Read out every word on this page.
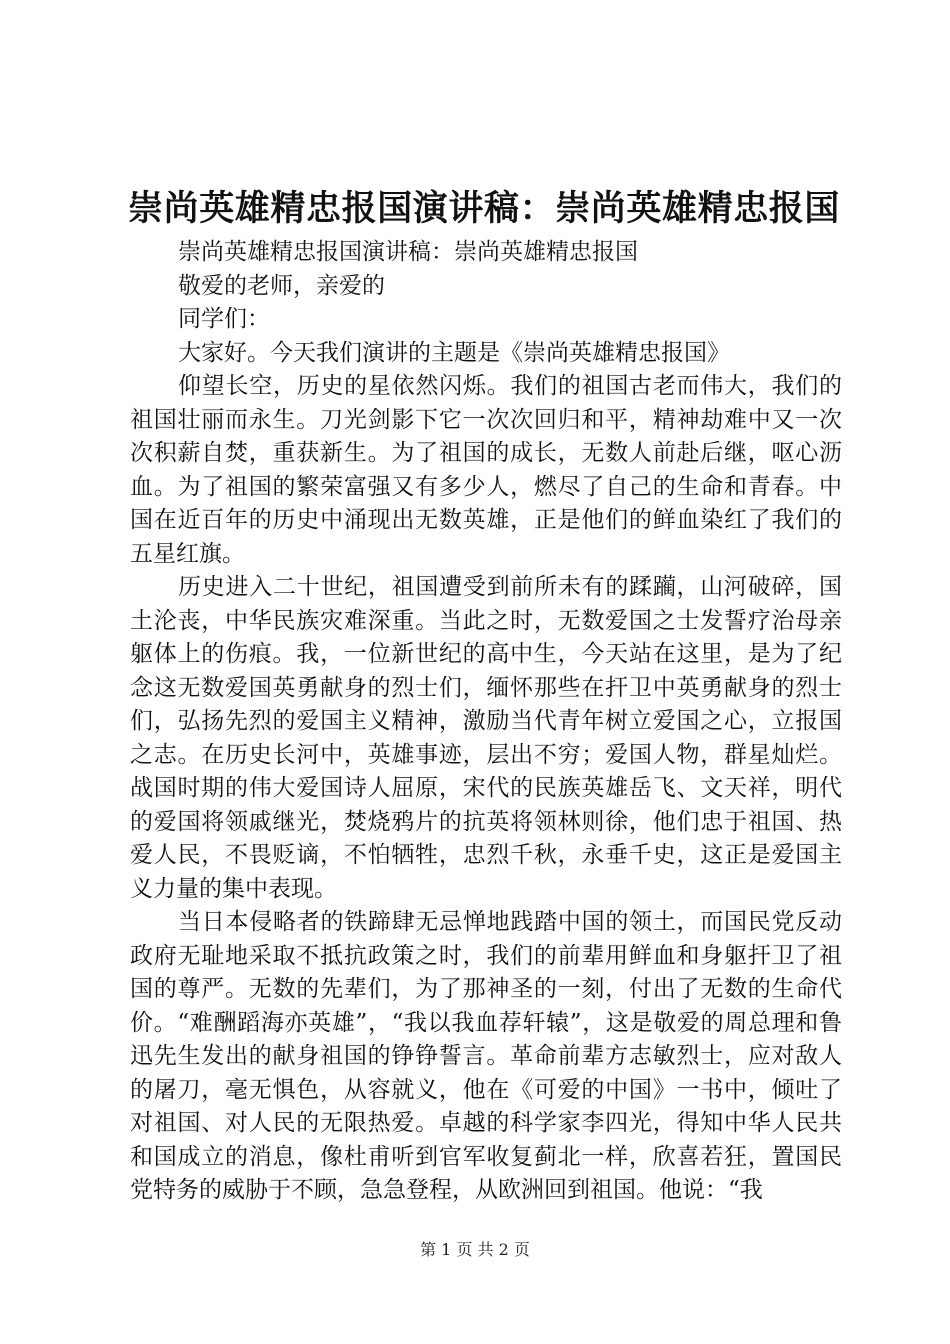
崇尚英雄精忠报国演讲稿：崇尚英雄精忠报国

崇尚英雄精忠报国演讲稿：崇尚英雄精忠报国

敬爱的老师，亲爱的

同学们：

大家好。今天我们演讲的主题是《崇尚英雄精忠报国》

仰望长空，历史的星依然闪烁。我们的祖国古老而伟大，我们的祖国壮丽而永生。刀光剑影下它一次次回归和平，精神劫难中又一次次积薪自焚，重获新生。为了祖国的成长，无数人前赴后继，呕心沥血。为了祖国的繁荣富强又有多少人，燃尽了自己的生命和青春。中国在近百年的历史中涌现出无数英雄，正是他们的鲜血染红了我们的五星红旗。

历史进入二十世纪，祖国遭受到前所未有的蹂躏，山河破碎，国土沦丧，中华民族灾难深重。当此之时，无数爱国之士发誓疗治母亲躯体上的伤痕。我，一位新世纪的高中生，今天站在这里，是为了纪念这无数爱国英勇献身的烈士们，缅怀那些在扞卫中英勇献身的烈士们，弘扬先烈的爱国主义精神，激励当代青年树立爱国之心，立报国之志。在历史长河中，英雄事迹，层出不穷；爱国人物，群星灿烂。战国时期的伟大爱国诗人屈原，宋代的民族英雄岳飞、文天祥，明代的爱国将领戚继光，焚烧鸦片的抗英将领林则徐，他们忠于祖国、热爱人民，不畏贬谪，不怕牺牲，忠烈千秋，永垂千史，这正是爱国主义力量的集中表现。

当日本侵略者的铁蹄肆无忌惮地践踏中国的领土，而国民党反动政府无耻地采取不抵抗政策之时，我们的前辈用鲜血和身躯扞卫了祖国的尊严。无数的先辈们，为了那神圣的一刻，付出了无数的生命代价。“难酬蹈海亦英雄”，“我以我血荐轩辕”，这是敬爱的周总理和鲁迅先生发出的献身祖国的铮铮誓言。革命前辈方志敏烈士，应对敌人的屠刀，毫无惧色，从容就义，他在《可爱的中国》一书中，倾吐了对祖国、对人民的无限热爱。卓越的科学家李四光，得知中华人民共和国成立的消息，像杜甫听到官军收复蓟北一样，欣喜若狂，置国民党特务的威胁于不顾，急急登程，从欧洲回到祖国。他说：“我

第 1 页 共 2 页
